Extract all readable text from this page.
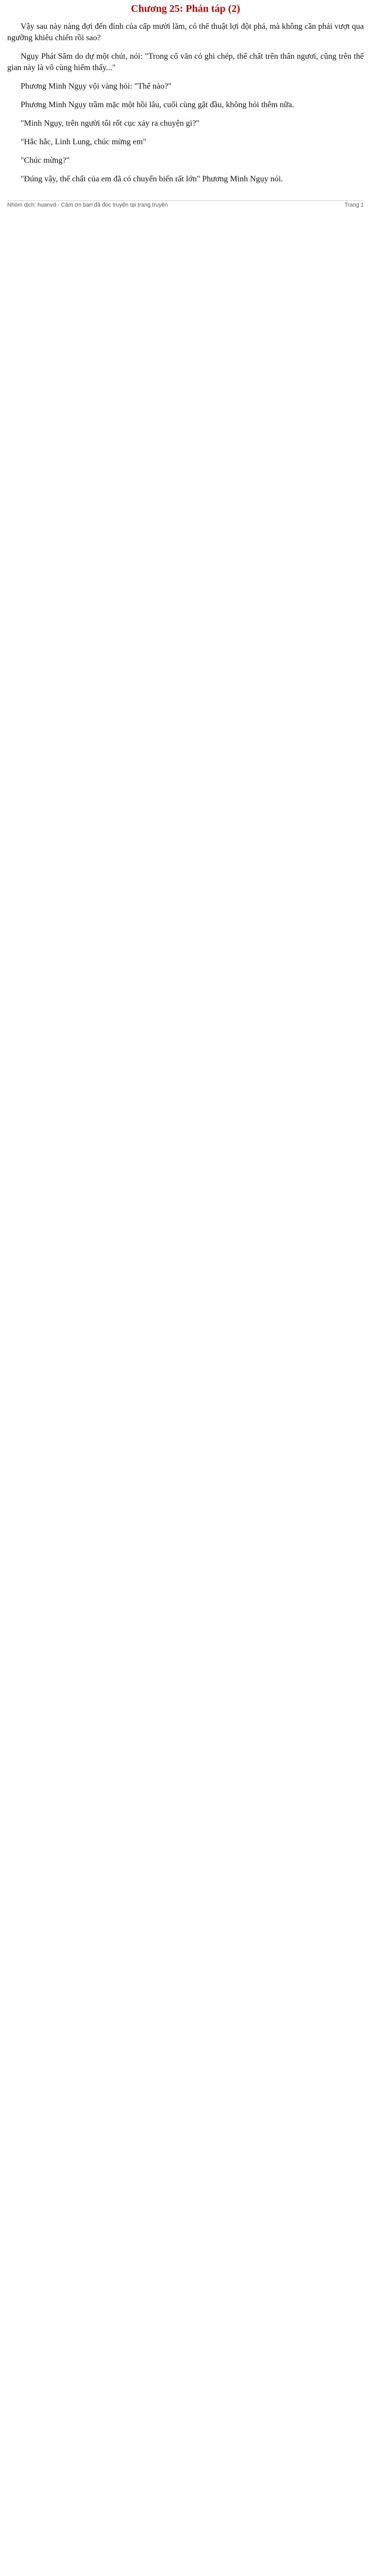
Chương 25: Phản táp (2)

Vậy sau này nàng đợi đến đỉnh của cấp mười lăm, có thể thuật lợi đột phá, mà không cần phải vượt qua ngưỡng khiêu chiến rồi sao?

Ngụy Phát Sâm do dự một chút, nói: "Trong cổ văn có ghi chép, thể chất trên thân ngươi, cũng trên thế gian này là vô cùng hiếm thấy..."

Phương Minh Ngụy vội vàng hỏi: "Thế nào?"

Phương Minh Ngụy trầm mặc một hồi lâu, cuối cùng gật đầu, không hỏi thêm nữa.

"Minh Ngụy, trên người tôi rốt cục xảy ra chuyện gì?"

"Hắc hắc, Linh Lung, chúc mừng em"

"Chúc mừng?"

"Đúng vậy, thể chất của em đã có chuyển biến rất lớn" Phương Minh Ngụy nói.

Nhóm dịch: huanvd - Cảm ơn bạn đã đọc truyện tại trang truyện	Trang 1
